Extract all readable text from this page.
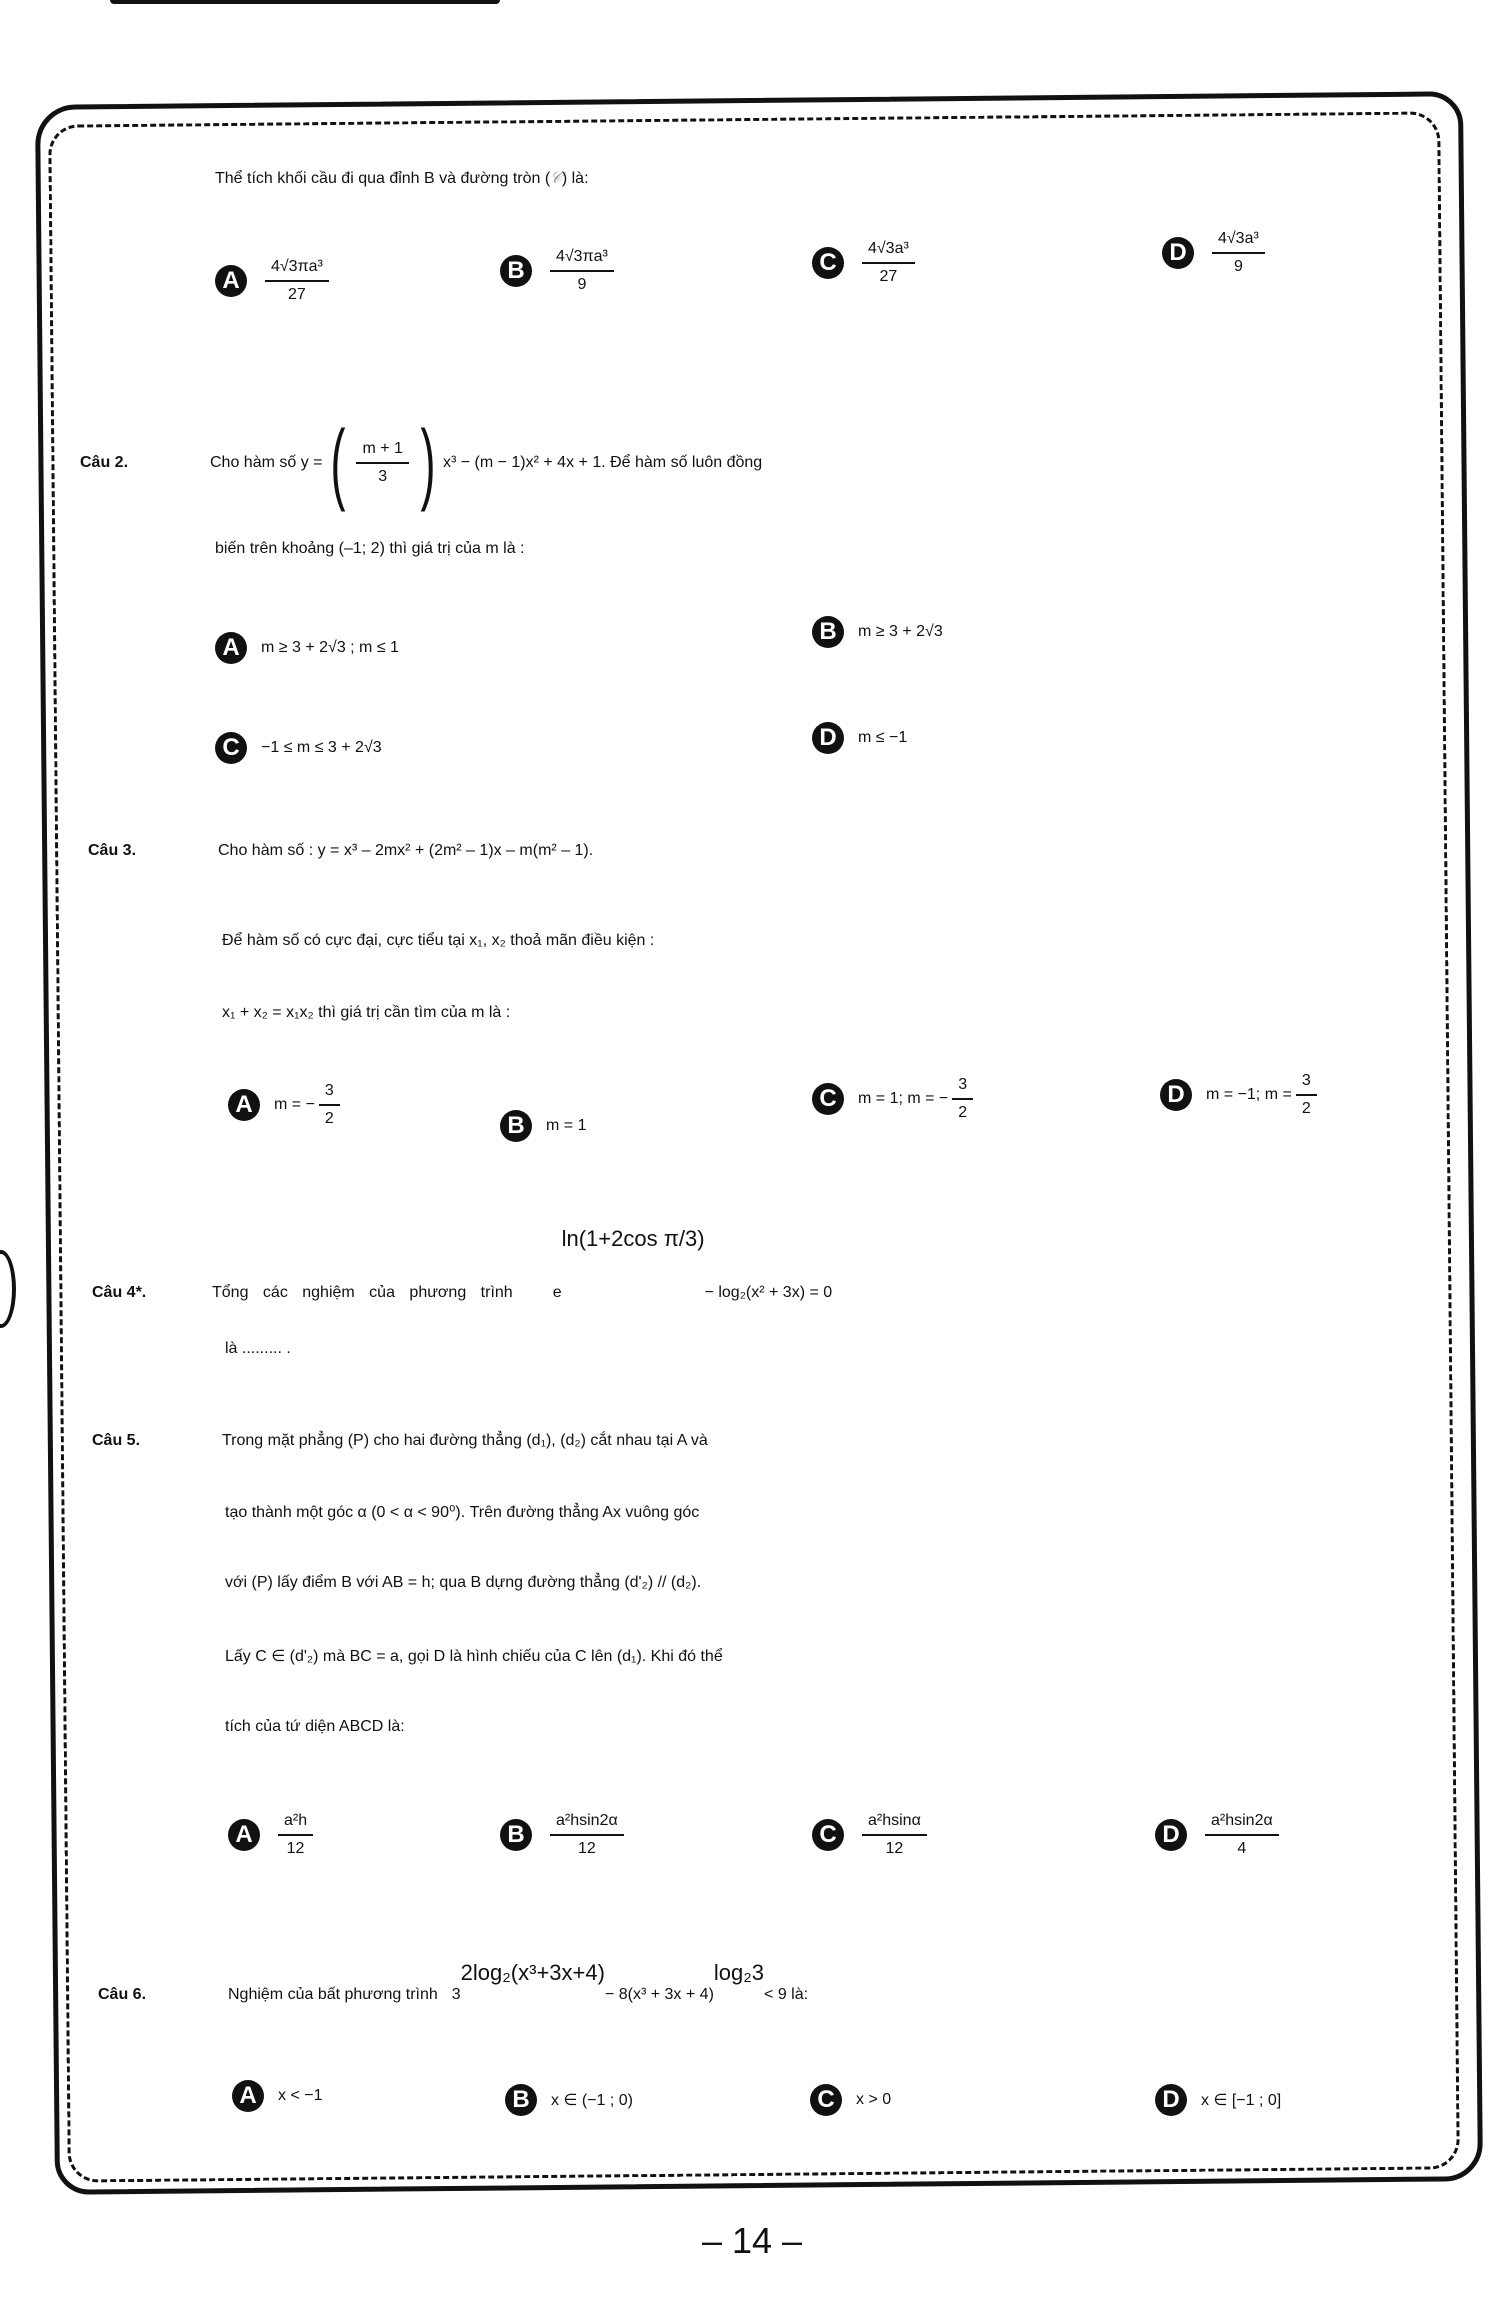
Thể tích khối cầu đi qua đỉnh B và đường tròn (𝒞) là:
A	$\frac{\text{4√3πa³}}{27}$	B	$\frac{\text{4√3πa³}}{9}$	C	$\frac{\text{4√3a³}}{27}$	D	$\frac{\text{4√3a³}}{9}$
Câu 2.	Cho hàm số y = ( $\frac{m + 1}{3}$ ) x³ − (m − 1)x² + 4x + 1. Để hàm số luôn đồng
biến trên khoảng (–1; 2) thì giá trị của m là :
A	m ≥ 3 + 2√3 ; m ≤ 1
B	m ≥ 3 + 2√3
C	−1 ≤ m ≤ 3 + 2√3	D	m ≤ −1
Câu 3.	Cho hàm số : y = x³ – 2mx² + (2m² – 1)x – m(m² – 1).
Để hàm số có cực đại, cực tiểu tại x₁, x₂ thoả mãn điều kiện :
x₁ + x₂ = x₁x₂ thì giá trị cần tìm của m là :
A	m = − $\frac{3}{2}$	B	m = 1
C	m = 1; m = − $\frac{3}{2}$	D	m = −1; $m = \frac{3}{2}$
Câu 4*.	Tổng các nghiệm của phương trình	e
ln(1+2cos π/3)
− log₂(x² + 3x) = 0
là ......... .
Câu 5.	Trong mặt phẳng (P) cho hai đường thẳng (d₁), (d₂) cắt nhau tại A và
tạo thành một góc α (0 < α < 90⁰). Trên đường thẳng Ax vuông góc
với (P) lấy điểm B với AB = h; qua B dựng đường thẳng (d'₂) // (d₂).
Lấy C ∈ (d'₂) mà BC = a, gọi D là hình chiếu của C lên (d₁). Khi đó thể
tích của tứ diện ABCD là:
A	$\frac{\text{a²h}}{12}$	B	$\frac{\text{a²hsin2α}}{12}$	C	$\frac{\text{a²hsinα}}{12}$	D	$\frac{\text{a²hsin2α}}{4}$
Câu 6.	Nghiệm của bất phương trình 3
2log₂(x³+3x+4)
− 8(x³ + 3x + 4)
log₂3
< 9 là:
A	x < −1	B	x ∈ (−1 ; 0)	C	x > 0	D	x ∈ [−1 ; 0]
– 14 –
